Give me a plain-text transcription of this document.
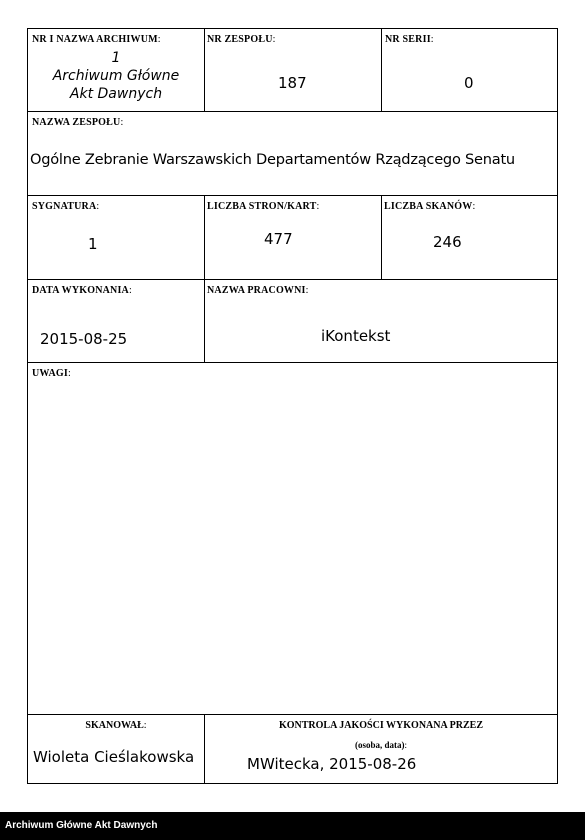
NR I NAZWA ARCHIWUM:
1
Archiwum Główne
Akt Dawnych
NR ZESPOŁU:
187
NR SERII:
0
NAZWA ZESPOŁU:
Ogólne Zebranie Warszawskich Departamentów Rządzącego Senatu
SYGNATURA:
1
LICZBA STRON/KART:
477
LICZBA SKANÓW:
246
DATA WYKONANIA:
2015-08-25
NAZWA PRACOWNI:
iKontekst
UWAGI:
SKANOWAŁ:
Wioleta Cieślakowska
KONTROLA JAKOŚCI WYKONANA PRZEZ
(osoba, data):
MWitecka, 2015-08-26
Archiwum Główne Akt Dawnych
